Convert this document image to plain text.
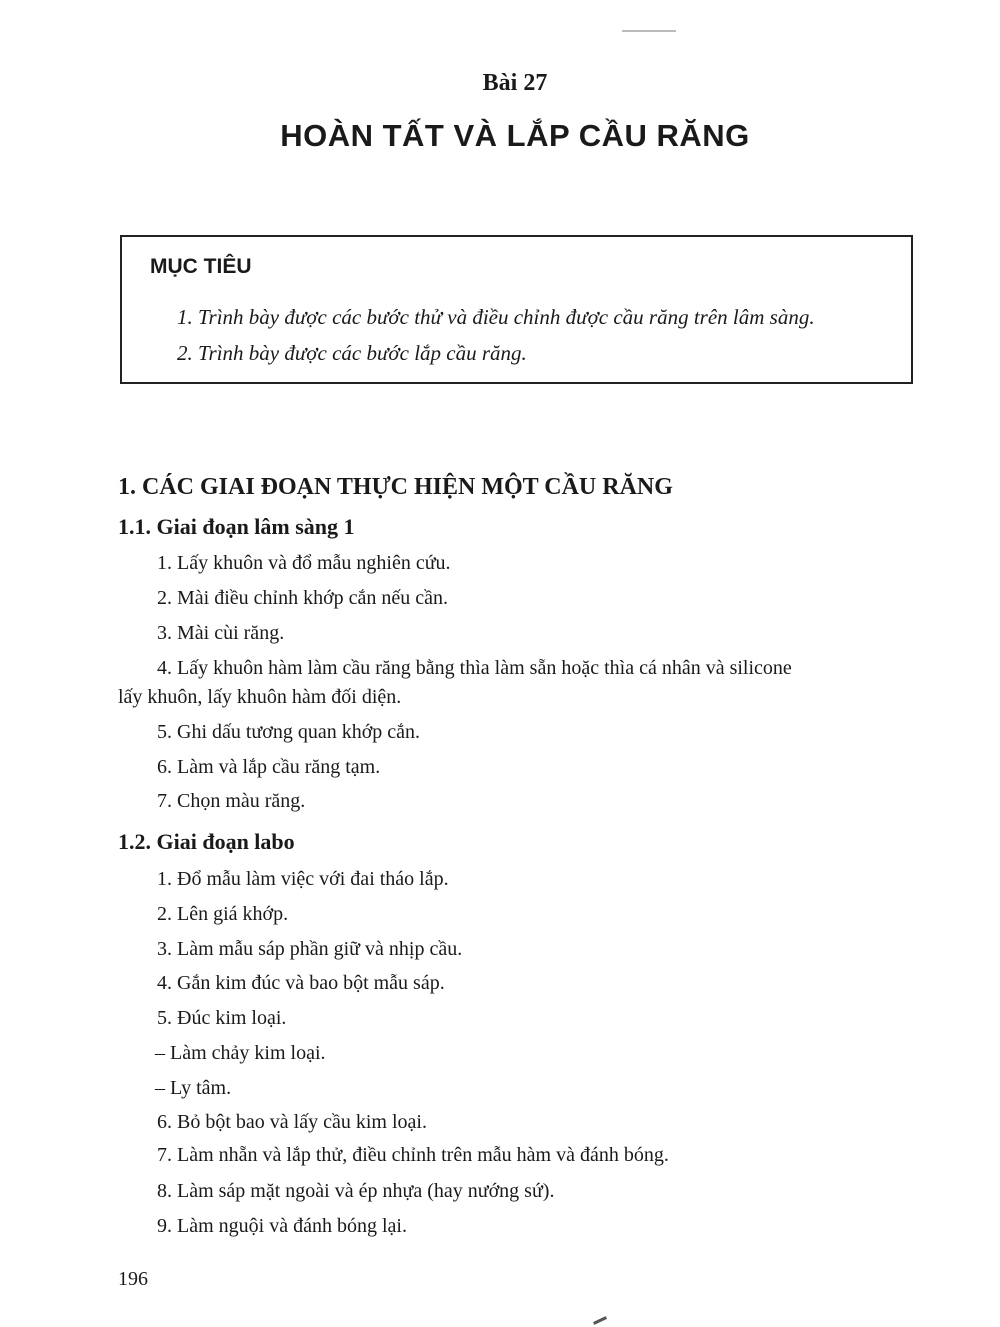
Bài 27
HOÀN TẤT VÀ LẮP CẦU RĂNG
MỤC TIÊU

1. Trình bày được các bước thử và điều chỉnh được cầu răng trên lâm sàng.

2. Trình bày được các bước lắp cầu răng.

1. CÁC GIAI ĐOẠN THỰC HIỆN MỘT CẦU RĂNG
1.1. Giai đoạn lâm sàng 1

1. Lấy khuôn và đổ mẫu nghiên cứu.

2. Mài điều chỉnh khớp cắn nếu cần.

3. Mài cùi răng.

4. Lấy khuôn hàm làm cầu răng bằng thìa làm sẵn hoặc thìa cá nhân và silicone

lấy khuôn, lấy khuôn hàm đối diện.

5. Ghi dấu tương quan khớp cắn.

6. Làm và lắp cầu răng tạm.

7. Chọn màu răng.

1.2. Giai đoạn labo

1. Đổ mẫu làm việc với đai tháo lắp.

2. Lên giá khớp.

3. Làm mẫu sáp phần giữ và nhịp cầu.

4. Gắn kim đúc và bao bột mẫu sáp.

5. Đúc kim loại.

– Làm chảy kim loại.

– Ly tâm.

6. Bỏ bột bao và lấy cầu kim loại.

7. Làm nhẵn và lắp thử, điều chỉnh trên mẫu hàm và đánh bóng.

8. Làm sáp mặt ngoài và ép nhựa (hay nướng sứ).

9. Làm nguội và đánh bóng lại.

196
